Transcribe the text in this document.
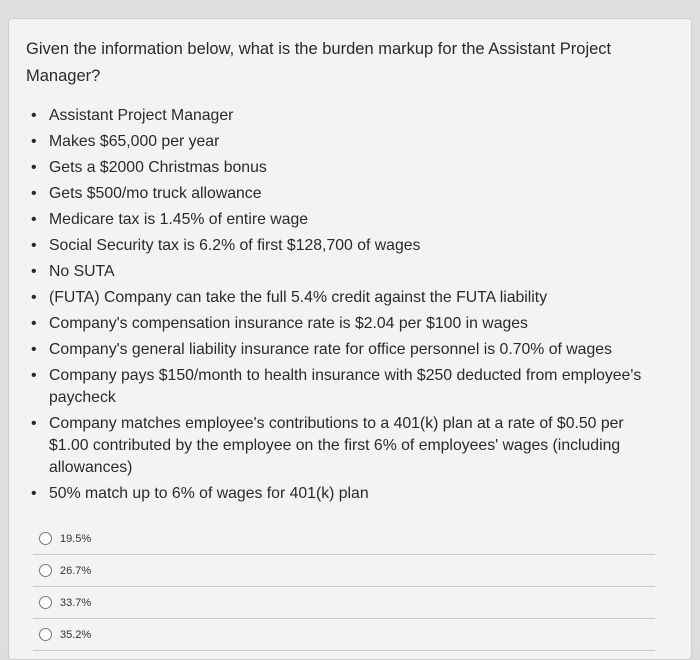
Given the information below, what is the burden markup for the Assistant Project Manager?
• Assistant Project Manager
• Makes $65,000 per year
• Gets a $2000 Christmas bonus
• Gets $500/mo truck allowance
• Medicare tax is 1.45% of entire wage
• Social Security tax is 6.2% of first $128,700 of wages
• No SUTA
• (FUTA) Company can take the full 5.4% credit against the FUTA liability
• Company's compensation insurance rate is $2.04 per $100 in wages
• Company's general liability insurance rate for office personnel is 0.70% of wages
• Company pays $150/month to health insurance with $250 deducted from employee's paycheck
• Company matches employee's contributions to a 401(k) plan at a rate of $0.50 per $1.00 contributed by the employee on the first 6% of employees' wages (including allowances)
• 50% match up to 6% of wages for 401(k) plan
19.5%
26.7%
33.7%
35.2%
